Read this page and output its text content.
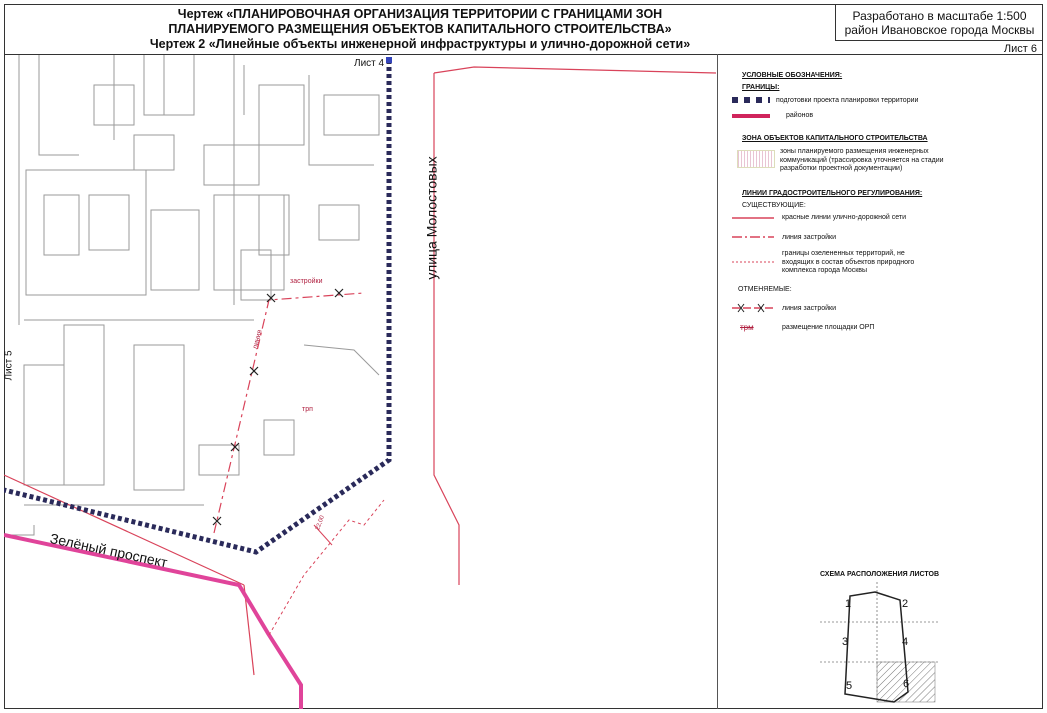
Чертеж «ПЛАНИРОВОЧНАЯ ОРГАНИЗАЦИЯ ТЕРРИТОРИИ С ГРАНИЦАМИ ЗОН
ПЛАНИРУЕМОГО РАЗМЕЩЕНИЯ ОБЪЕКТОВ КАПИТАЛЬНОГО СТРОИТЕЛЬСТВА»
Чертеж 2 «Линейные объекты инженерной инфраструктуры и улично-дорожной сети»
Разработано в масштабе 1:500
район Ивановское города Москвы
Лист 6
Лист 4
Лист 5
улица Молостовых
Зелёный проспект
застройки
линия
трп
22,00
УСЛОВНЫЕ ОБОЗНАЧЕНИЯ:
ГРАНИЦЫ:
подготовки проекта планировки территории
районов
ЗОНА ОБЪЕКТОВ КАПИТАЛЬНОГО СТРОИТЕЛЬСТВА
зоны планируемого размещения инженерных коммуникаций (трассировка уточняется на стадии разработки проектной документации)
ЛИНИИ ГРАДОСТРОИТЕЛЬНОГО РЕГУЛИРОВАНИЯ:
СУЩЕСТВУЮЩИЕ:
красные линии улично-дорожной сети
линия застройки
границы озелененных территорий, не входящих в состав объектов природного комплекса города Москвы
ОТМЕНЯЕМЫЕ:
линия застройки
трм	размещение площадки ОРП
СХЕМА РАСПОЛОЖЕНИЯ ЛИСТОВ
1	2
3	4
5	6
